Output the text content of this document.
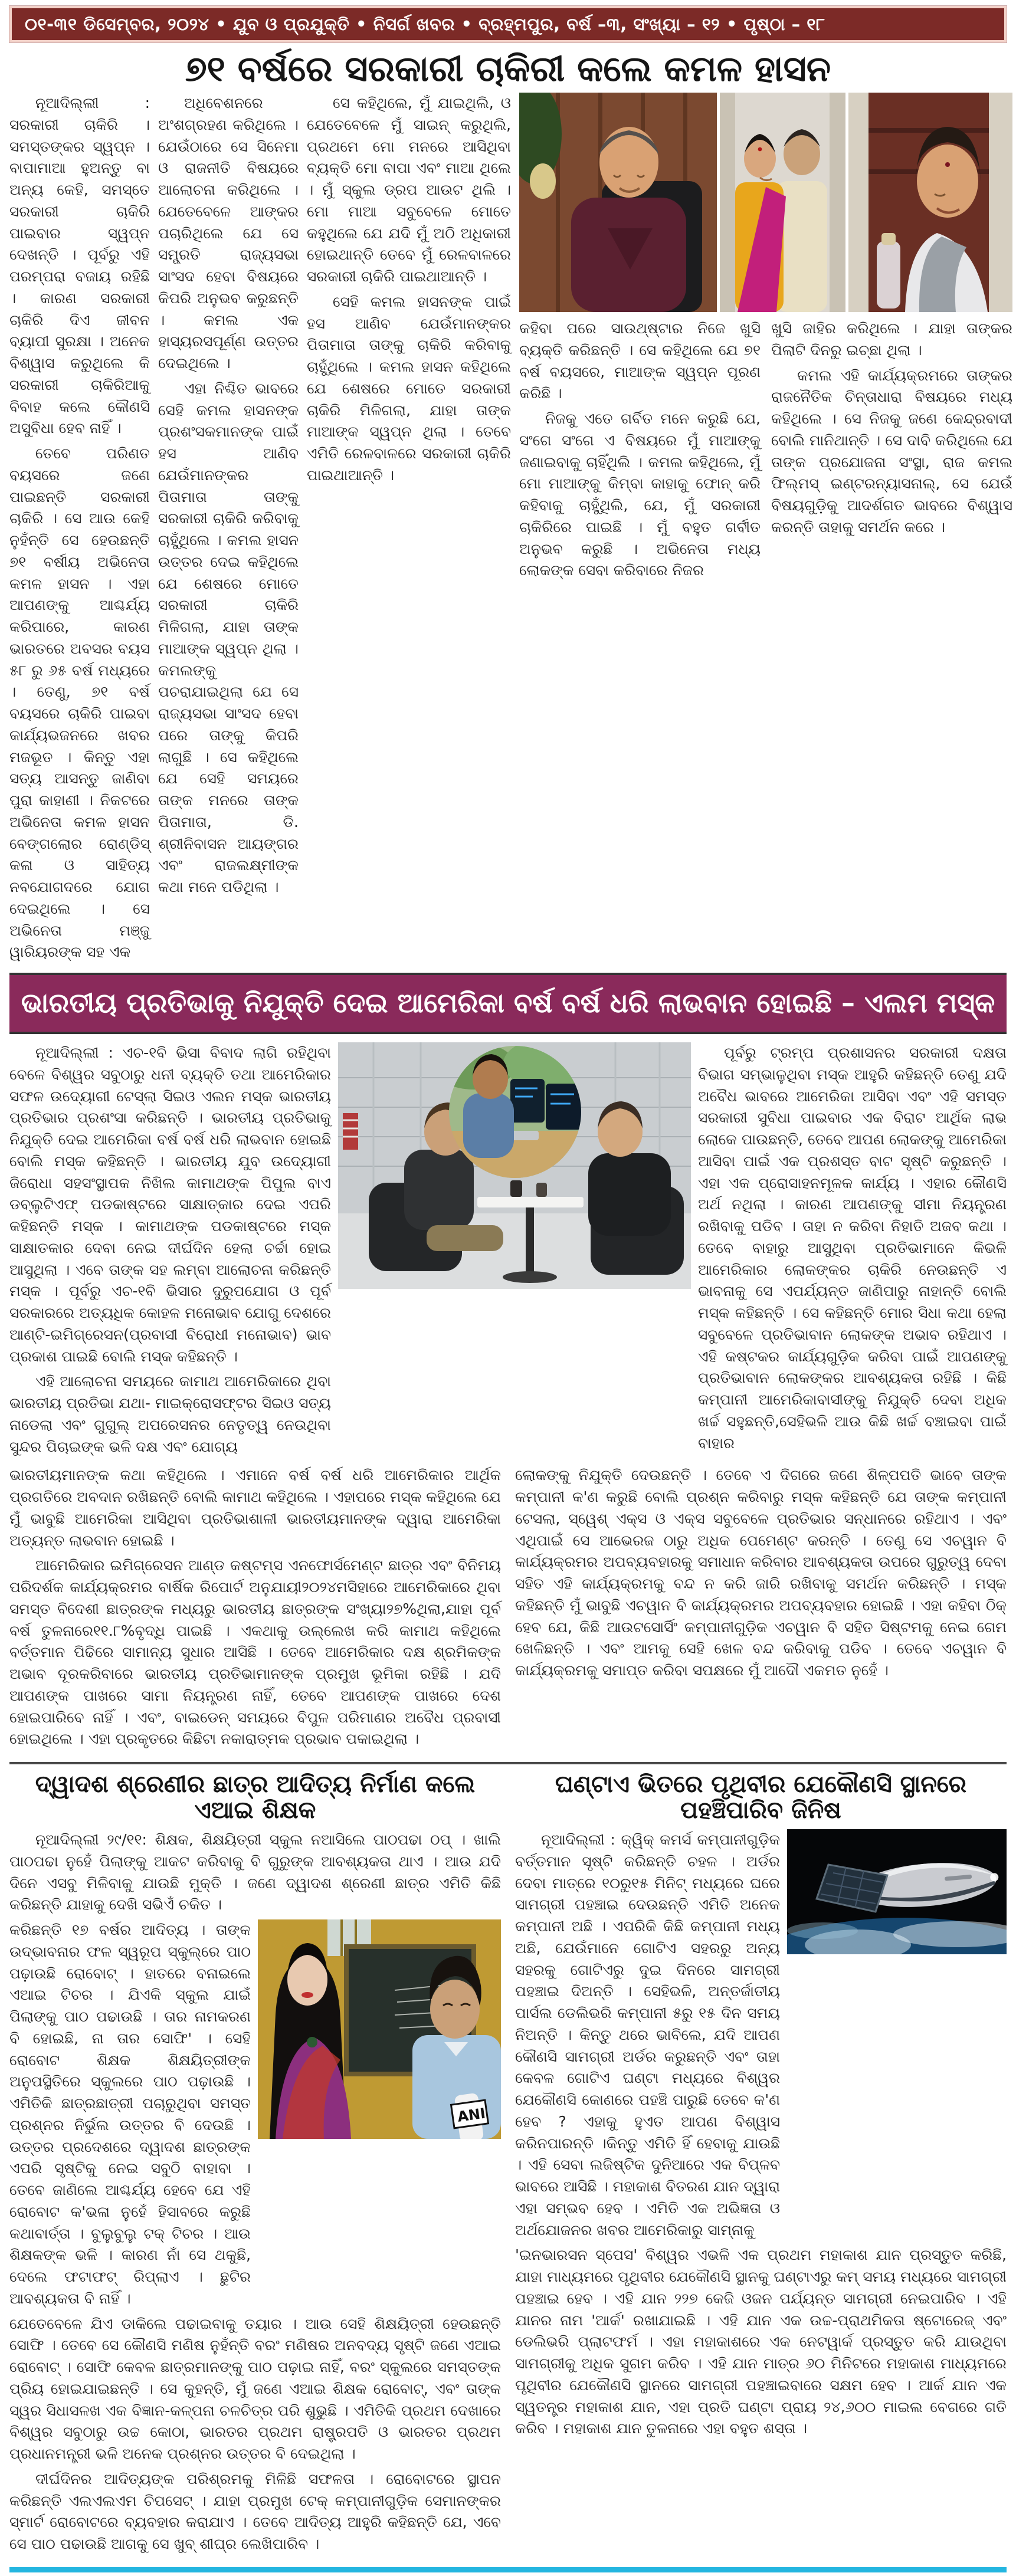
୦୧-୩୧ ଡିସେମ୍ବର, ୨୦୨୪ • ଯୁବ ଓ ପ୍ରଯୁକ୍ତି • ନିସର୍ଗ ଖବର • ବ୍ରହ୍ମପୁର, ବର୍ଷ –୩, ସଂଖ୍ୟା – ୧୨ • ପୃଷ୍ଠା – ୧୮
୭୧ ବର୍ଷରେ ସରକାରୀ ଚାକିରୀ କଲେ କମଳ ହାସନ

ନୂଆଦିଲ୍ଲୀ : ସରକାରୀ ଚାକିରି । ସମସ୍ତଙ୍କର ସ୍ୱପ୍ନ । ବାପାମାଆ ହୁଅନ୍ତୁ ବା ଅନ୍ୟ କେହି, ସମସ୍ତେ ସରକାରୀ ଚାକିରି ପାଇବାର ସ୍ୱପ୍ନ ଦେଖନ୍ତି । ପୂର୍ବରୁ ଏହି ପରମ୍ପରା ବଜାୟ ରହିଛି । କାରଣ ସରକାରୀ ଚାକିରି ଦିଏ ଜୀବନ ବ୍ୟାପୀ ସୁରକ୍ଷା । ଅନେକ ବିଶ୍ୱାସ କରୁଥିଲେ କି ସରକାରୀ ଚାକିରିଆକୁ ବିବାହ କଲେ କୌଣସି ଅସୁବିଧା ହେବ ନାହିଁ ।

ତେବେ ପରିଣତ ବୟସରେ ଜଣେ ପାଇଛନ୍ତି ସରକାରୀ ଚାକିରି । ସେ ଆଉ କେହି ନୁହଁନ୍ତି ସେ ହେଉଛନ୍ତି ୭୧ ବର୍ଷୀୟ ଅଭିନେତା କମଳ ହାସନ । ଏହା ଆପଣଙ୍କୁ ଆଶ୍ଚର୍ଯ୍ୟ କରିପାରେ, କାରଣ ଭାରତରେ ଅବସର ବୟସ ୫୮ ରୁ ୬୫ ବର୍ଷ ମଧ୍ୟରେ । ତେଣୁ, ୭୧ ବର୍ଷ ବୟସରେ ଚାକିରି ପାଇବା କାର୍ଯ୍ୟଭଜନରେ ଖବର ମଜଭୂତ । କିନ୍ତୁ ଏହା ସତ୍ୟ ଆସନ୍ତୁ ଜାଣିବା ପୁରା କାହାଣୀ । ନିକଟରେ ଅଭିନେତା କମଳ ହାସନ ବେଙ୍ଗଲୋର ରୋଣ୍ଡିସ୍ କଳା ଓ ସାହିତ୍ୟ ନବଯୋଗଦରେ ଯୋଗ ଦେଇଥିଲେ । ସେ ଅଭିନେତା ମଞ୍ଜୁ ୱାରିୟରଙ୍କ ସହ ଏକ

ଅଧିବେଶନରେ ଅଂଶଗ୍ରହଣ କରିଥିଲେ । ଯେଉଁଠାରେ ସେ ସିନେମା ଓ ରାଜନୀତି ବିଷୟରେ ଆଲୋଚନା କରିଥିଲେ । ଯେତେବେଳେ ଆଙ୍କର ପଚାରିଥିଲେ ଯେ ସେ ସମ୍ପ୍ରତି ରାଜ୍ୟସଭା ସାଂସଦ ହେବା ବିଷୟରେ କିପରି ଅନୁଭବ କରୁଛନ୍ତି । କମଲ ଏକ ହାସ୍ୟରସପୂର୍ଣ୍ଣ ଉତ୍ତର ଦେଇଥିଲେ ।

ଏହା ନିଶ୍ଚିତ ଭାବରେ ସେହି କମଲ ହାସନଙ୍କ ପ୍ରଶଂସକମାନଙ୍କ ପାଇଁ ହସ ଆଣିବ ଯେଉଁମାନଙ୍କର ପିତାମାତା ତାଙ୍କୁ ସରକାରୀ ଚାକିରି କରିବାକୁ ଚାହୁଁଥିଲେ । କମଲ ହାସନ ଉତ୍ତର ଦେଇ କହିଥିଲେ ଯେ ଶେଷରେ ମୋତେ ସରକାରୀ ଚାକିରି ମିଳିଗଲା, ଯାହା ତାଙ୍କ ମାଆଙ୍କ ସ୍ୱପ୍ନ ଥିଲା । କମଲଙ୍କୁ ପଚରାଯାଇଥିଲା ଯେ ସେ ରାଜ୍ୟସଭା ସାଂସଦ ହେବା ପରେ ତାଙ୍କୁ କିପରି ଲାଗୁଛି । ସେ କହିଥିଲେ ଯେ ସେହି ସମୟରେ ତାଙ୍କ ମନରେ ତାଙ୍କ ପିତାମାତା, ଡି. ଶ୍ରୀନିବାସନ ଆୟଙ୍ଗର ଏବଂ ରାଜଲକ୍ଷ୍ମୀଙ୍କ କଥା ମନେ ପଡିଥିଲା ।

ସେ କହିଥିଲେ, ମୁଁ ଯାଇଥିଲି, ଓ ଯେତେବେଳେ ମୁଁ ସାଇନ୍ କରୁଥିଲି, ପ୍ରଥମେ ମୋ ମନରେ ଆସିଥିବା ବ୍ୟକ୍ତି ମୋ ବାପା ଏବଂ ମାଆ ଥିଲେ । ମୁଁ ସ୍କୁଲ ଡ୍ରପ ଆଉଟ ଥିଲି । ମୋ ମାଆ ସବୁବେଳେ ମୋତେ କହୁଥିଲେ ଯେ ଯଦି ମୁଁ ଅଠି ଅଧିକାରୀ ହୋଇଥାନ୍ତି ତେବେ ମୁଁ ରେଳବାଳରେ ସରକାରୀ ଚାକିରି ପାଇଥାଆନ୍ତି ।

ସେହି କମଲ ହାସନଙ୍କ ପାଇଁ ହସ ଆଣିବ ଯେଉଁମାନଙ୍କର ପିତାମାତା ତାଙ୍କୁ ଚାକିରି କରିବାକୁ ଚାହୁଁଥିଲେ । କମଲ ହାସନ କହିଥିଲେ ଯେ ଶେଷରେ ମୋତେ ସରକାରୀ ଚାକିରି ମିଳିଗଲା, ଯାହା ତାଙ୍କ ମାଆଙ୍କ ସ୍ୱପ୍ନ ଥିଲା । ତେବେ ଏମିତି ରେଳବାଳରେ ସରକାରୀ ଚାକିରି ପାଇଥାଆନ୍ତି ।

କହିବା ପରେ ସାଉଥ୍‌ଷ୍ଟାର ନିଜେ ଖୁସି ବ୍ୟକ୍ତି କରିଛନ୍ତି । ସେ କହିଥିଲେ ଯେ ୭୧ ବର୍ଷ ବୟସରେ, ମାଆଙ୍କ ସ୍ୱପ୍ନ ପୂରଣ କରିଛି ।

ନିଜକୁ ଏତେ ଗର୍ବିତ ମନେ କରୁଛି ଯେ, ସଂଗେ ସଂଗେ ଏ ବିଷୟରେ ମୁଁ ମାଆଙ୍କୁ ଜଣାଇବାକୁ ଚାହିଁଥିଲି । କମଲ କହିଥିଲେ, ମୁଁ ମୋ ମାଆଙ୍କୁ କିମ୍ବା କାହାକୁ ଫୋନ୍ କରି କହିବାକୁ ଚାହୁଁଥିଲି, ଯେ, ମୁଁ ସରକାରୀ ଚାକିରିରେ ପାଇଛି । ମୁଁ ବହୁତ ଗର୍ବୀତ ଅନୁଭବ କରୁଛି । ଅଭିନେତା ମଧ୍ୟ ଲୋକଙ୍କ ସେବା କରିବାରେ ନିଜର

ଖୁସି ଜାହିର କରିଥିଲେ । ଯାହା ତାଙ୍କର ପିଲାଟି ଦିନରୁ ଇଚ୍ଛା ଥିଲା ।

କମଲ ଏହି କାର୍ଯ୍ୟକ୍ରମରେ ତାଙ୍କର ରାଜନୈତିକ ଚିନ୍ତାଧାରା ବିଷୟରେ ମଧ୍ୟ କହିଥିଲେ । ସେ ନିଜକୁ ଜଣେ କେନ୍ଦ୍ରବାଦୀ ବୋଲି ମାନିଥାନ୍ତି । ସେ ଦାବି କରିଥିଲେ ଯେ ତାଙ୍କ ପ୍ରଯୋଜନା ସଂସ୍ଥା, ରାଜ କମଲ ଫିଲ୍ମସ୍ ଇଣ୍ଟରନ୍ୟାସନାଲ୍, ସେ ଯେଉଁ ବିଷୟଗୁଡ଼ିକୁ ଆଦର୍ଶଗତ ଭାବରେ ବିଶ୍ୱାସ କରନ୍ତି ତାହାକୁ ସମର୍ଥନ କରେ ।

ଭାରତୀୟ ପ୍ରତିଭାକୁ ନିଯୁକ୍ତି ଦେଇ ଆମେରିକା ବର୍ଷ ବର୍ଷ ଧରି ଲାଭବାନ ହୋଇଛି – ଏଲମ ମସ୍କ

ନୂଆଦିଲ୍ଲୀ : ଏଚ-୧ବି ଭିସା ବିବାଦ ଲାଗି ରହିଥିବା ବେଳେ ବିଶ୍ୱର ସବୁଠାରୁ ଧନୀ ବ୍ୟକ୍ତି ତଥା ଆମେରିକାର ସଫଳ ଉଦ୍ୟୋଗୀ ଟେସ୍ଲା ସିଇଓ ଏଲନ ମସ୍କ ଭାରତୀୟ ପ୍ରତିଭାର ପ୍ରଶଂସା କରିଛନ୍ତି । ଭାରତୀୟ ପ୍ରତିଭାକୁ ନିଯୁକ୍ତି ଦେଇ ଆମେରିକା ବର୍ଷ ବର୍ଷ ଧରି ଲାଭବାନ ହୋଇଛି ବୋଲି ମସ୍କ କହିଛନ୍ତି । ଭାରତୀୟ ଯୁବ ଉଦ୍ୟୋଗୀ ଜିରୋଧା ସହସଂସ୍ଥାପକ ନିଖିଲ କାମାଥଙ୍କ ପିପୁଲ ବାଏ ଡବ୍ଲୁଟିଏଫ୍ ପଡକାଷ୍ଟରେ ସାକ୍ଷାତ୍କାର ଦେଇ ଏପରି କହିଛନ୍ତି ମସ୍କ । କାମାଥଙ୍କ ପଡକାଷ୍ଟରେ ମସ୍କ ସାକ୍ଷାତକାର ଦେବା ନେଇ ଦୀର୍ଘଦିନ ହେଲା ଚର୍ଚ୍ଚା ହୋଇ ଆସୁଥିଲା । ଏବେ ତାଙ୍କ ସହ ଲମ୍ବା ଆଲୋଚନା କରିଛନ୍ତି ମସ୍କ । ପୂର୍ବରୁ ଏଚ-୧ବି ଭିସାର ଦୁରୁପଯୋଗ ଓ ପୂର୍ବ ସରକାରରେ ଅତ୍ୟଧିକ କୋହଳ ମନୋଭାବ ଯୋଗୁ ଦେଶରେ ଆଣ୍ଟି-ଇମିଗ୍ରେସନ(ପ୍ରବାସୀ ବିରୋଧୀ ମନୋଭାବ) ଭାବ ପ୍ରକାଶ ପାଇଛି ବୋଲି ମସ୍କ କହିଛନ୍ତି ।

ଏହି ଆଲୋଚନା ସମୟରେ କାମାଥ ଆମେରିକାରେ ଥିବା ଭାରତୀୟ ପ୍ରତିଭା ଯଥା- ମାଇକ୍ରୋସଫ୍ଟର ସିଇଓ ସତ୍ୟ ନାଡେଲା ଏବଂ ଗୁଗୁଲ୍ ଅପରେସନର ନେତୃତ୍ୱ ନେଉଥିବା ସୁନ୍ଦର ପିଚାଇଙ୍କ ଭଳି ଦକ୍ଷ ଏବଂ ଯୋଗ୍ୟ

ପୂର୍ବରୁ ଟ୍ରମ୍ପ ପ୍ରଶାସନର ସରକାରୀ ଦକ୍ଷତା ବିଭାଗ ସମ୍ଭାଳୁଥିବା ମସ୍କ ଆହୁରି କହିଛନ୍ତି ତେଣୁ ଯଦି ଅବୈଧ ଭାବରେ ଆମେରିକା ଆସିବା ଏବଂ ଏହି ସମସ୍ତ ସରକାରୀ ସୁବିଧା ପାଇବାର ଏକ ବିରାଟ ଆର୍ଥିକ ଲାଭ ଲୋକେ ପାଉଛନ୍ତି, ତେବେ ଆପଣ ଲୋକଙ୍କୁ ଆମେରିକା ଆସିବା ପାଇଁ ଏକ ପ୍ରଶସ୍ତ ବାଟ ସୃଷ୍ଟି କରୁଛନ୍ତି । ଏହା ଏକ ପ୍ରୋସାହନମୂଳକ କାର୍ଯ୍ୟ । ଏହାର କୌଣସି ଅର୍ଥ ନଥିଲା । କାରଣ ଆପଣଙ୍କୁ ସୀମା ନିୟନ୍ତ୍ରଣ ରଖିବାକୁ ପଡିବ । ତାହା ନ କରିବା ନିହାତି ଅଜବ କଥା । ତେବେ ବାହାରୁ ଆସୁଥିବା ପ୍ରତିଭାମାନେ କିଭଳି ଆମେରିକାର ଲୋକଙ୍କର ଚାକିରି ନେଉଛନ୍ତି ଏ ଭାବନାକୁ ସେ ଏପର୍ଯ୍ୟନ୍ତ ଜାଣିପାରୁ ନାହାନ୍ତି ବୋଲି ମସ୍କ କହିଛନ୍ତି । ସେ କହିଛନ୍ତି ମୋର ସିଧା କଥା ହେଲା ସବୁବେଳେ ପ୍ରତିଭାବାନ ଲୋକଙ୍କ ଅଭାବ ରହିଥାଏ । ଏହି କଷ୍ଟକର କାର୍ଯ୍ୟଗୁଡ଼ିକ କରିବା ପାଇଁ ଆପଣଙ୍କୁ ପ୍ରତିଭାବାନ ଲୋକଙ୍କର ଆବଶ୍ୟକତା ରହିଛି । କିଛି କମ୍ପାନୀ ଆମେରିକାବାସୀଙ୍କୁ ନିଯୁକ୍ତି ଦେବା ଅଧିକ ଖର୍ଚ୍ଚ ସହୁଛନ୍ତି,ସେହିଭଳି ଆଉ କିଛି ଖର୍ଚ୍ଚ ବଞ୍ଚାଇବା ପାଇଁ ବାହାର

ଭାରତୀୟମାନଙ୍କ କଥା କହିଥିଲେ । ଏମାନେ ବର୍ଷ ବର୍ଷ ଧରି ଆମେରିକାର ଆର୍ଥିକ ପ୍ରଗତିରେ ଅବଦାନ ରଖିଛନ୍ତି ବୋଲି କାମାଥ କହିଥିଲେ । ଏହାପରେ ମସ୍କ କହିଥିଲେ ଯେ ମୁଁ ଭାବୁଛି ଆମେରିକା ଆସିଥିବା ପ୍ରତିଭାଶାଳୀ ଭାରତୀୟମାନଙ୍କ ଦ୍ୱାରା ଆମେରିକା ଅତ୍ୟନ୍ତ ଲାଭବାନ ହୋଇଛି ।

ଆମେରିକାର ଇମିଗ୍ରେସନ ଆଣ୍ଡ କଷ୍ଟମ୍ସ ଏନଫୋର୍ସମେଣ୍ଟ ଛାତ୍ର ଏବଂ ବିନିମୟ ପରିଦର୍ଶକ କାର୍ଯ୍ୟକ୍ରମର ବାର୍ଷିକ ରିପୋର୍ଟ ଅନୁଯାୟୀ୨୦୨୪ମସିହାରେ ଆମେରିକାରେ ଥିବା ସମସ୍ତ ବିଦେଶୀ ଛାତ୍ରଙ୍କ ମଧ୍ୟରୁ ଭାରତୀୟ ଛାତ୍ରଙ୍କ ସଂଖ୍ୟା୨୭%ଥିଲା,ଯାହା ପୂର୍ବ ବର୍ଷ ତୁଳନାରେ୧୧.୮%ବୃଦ୍ଧି ପାଇଛି । ଏକଥାକୁ ଉଲ୍ଲେଖ କରି କାମାଥ କହିଥିଲେ ବର୍ତ୍ତମାନ ପିଢିରେ ସାମାନ୍ୟ ସୁଧାର ଆସିଛି । ତେବେ ଆମେରିକାର ଦକ୍ଷ ଶ୍ରମିକଙ୍କ ଅଭାବ ଦୂରକରିବାରେ ଭାରତୀୟ ପ୍ରତିଭାମାନଙ୍କ ପ୍ରମୁଖ ଭୂମିକା ରହିଛି । ଯଦି ଆପଣଙ୍କ ପାଖରେ ସାମା ନିୟନ୍ତ୍ରଣ ନାହିଁ, ତେବେ ଆପଣଙ୍କ ପାଖରେ ଦେଶ ହୋଇପାରିବେ ନାହିଁ । ଏବଂ, ବାଇଡେନ୍ ସମୟରେ ବିପୁଳ ପରିମାଣର ଅବୈଧ ପ୍ରବାସୀ ହୋଇଥିଲେ । ଏହା ପ୍ରକୃତରେ କିଛିଟା ନକାରାତ୍ମକ ପ୍ରଭାବ ପକାଇଥିଲା ।

ଲୋକଙ୍କୁ ନିଯୁକ୍ତି ଦେଉଛନ୍ତି । ତେବେ ଏ ଦିଗରେ ଜଣେ ଶିଳ୍ପପତି ଭାବେ ତାଙ୍କ କମ୍ପାନୀ କ'ଣ କରୁଛି ବୋଲି ପ୍ରଶ୍ନ କରିବାରୁ ମସ୍କ କହିଛନ୍ତି ଯେ ତାଙ୍କ କମ୍ପାନୀ ଟେସଲା, ସ୍ୱେଶ୍ ଏକ୍ସ ଓ ଏକ୍ସ ସବୁବେଳେ ପ୍ରତିଭାର ସନ୍ଧାନରେ ରହିଥାଏ । ଏବଂ ଏଥିପାଇଁ ସେ ଆଭେରଜ ଠାରୁ ଅଧିକ ପେମେଣ୍ଟ କରନ୍ତି । ତେଣୁ ସେ ଏଚୱାନ ବି କାର୍ଯ୍ୟକ୍ରମର ଅପବ୍ୟବହାରକୁ ସମାଧାନ କରିବାର ଆବଶ୍ୟକତା ଉପରେ ଗୁରୁତ୍ୱ ଦେବା ସହିତ ଏହି କାର୍ଯ୍ୟକ୍ରମକୁ ବନ୍ଦ ନ କରି ଜାରି ରଖିବାକୁ ସମର୍ଥନ କରିଛନ୍ତି । ମସ୍କ କହିଛନ୍ତି ମୁଁ ଭାବୁଛି ଏଚୱାନ ବି କାର୍ଯ୍ୟକ୍ରମର ଅପବ୍ୟବହାର ହୋଇଛି । ଏହା କହିବା ଠିକ୍ ହେବ ଯେ, କିଛି ଆଉଟସୋର୍ସିଂ କମ୍ପାନୀଗୁଡ଼ିକ ଏଚୱାନ ବି ସହିତ ସିଷ୍ଟମକୁ ନେଇ ଗେମ ଖେଳିଛନ୍ତି । ଏବଂ ଆମକୁ ସେହି ଖେଳ ବନ୍ଦ କରିବାକୁ ପଡିବ । ତେବେ ଏଚୱାନ ବି କାର୍ଯ୍ୟକ୍ରମକୁ ସମାପ୍ତ କରିବା ସପକ୍ଷରେ ମୁଁ ଆଦୌ ଏକମତ ନୁହେଁ ।

ଦ୍ୱାଦଶ ଶ୍ରେଣୀର ଛାତ୍ର ଆଦିତ୍ୟ ନିର୍ମାଣ କଲେ ଏଆଇ ଶିକ୍ଷକ

ନୂଆଦିଲ୍ଲୀ ୨୯/୧୧: ଶିକ୍ଷକ, ଶିକ୍ଷୟିତ୍ରୀ ସ୍କୁଲ ନଆସିଲେ ପାଠପଢା ଠପ୍ । ଖାଲି ପାଠପଢା ନୁହେଁ ପିଲାଙ୍କୁ ଆକଟ କରିବାକୁ ବି ଗୁରୁଙ୍କ ଆବଶ୍ୟକତା ଥାଏ । ଆଉ ଯଦି ଦିନେ ଏସବୁ ମିଳିବାକୁ ଯାଉଛି ମୁକ୍ତି । ଜଣେ ଦ୍ୱାଦଶ ଶ୍ରେଣୀ ଛାତ୍ର ଏମିତି କିଛି କରିଛନ୍ତି ଯାହାକୁ ଦେଖି ସଭିଏଁ ଚକିତ ।

କରିଛନ୍ତି ୧୭ ବର୍ଷର ଆଦିତ୍ୟ । ତାଙ୍କ ଉଦ୍ଭାବନାର ଫଳ ସ୍ୱରୂପ ସ୍କୁଲ୍‌ରେ ପାଠ ପଢ଼ାଉଛି ରୋବୋଟ୍ । ହାତରେ ବନାଇଲେ ଏଆଇ ଟିଚର । ଯିଏକି ସ୍କୁଲ ଯାଇଁ ପିଲାଙ୍କୁ ପାଠ ପଢାଉଛି । ତାର ନାମକରଣ ବି ହୋଇଛି, ନା ତାର ସୋଫି' । ସେହି ରୋବୋଟ ଶିକ୍ଷକ ଶିକ୍ଷୟିତ୍ରୀଙ୍କ ଅନୁପସ୍ଥିତିରେ ସ୍କୁଲରେ ପାଠ ପଢ଼ାଉଛି । ଏମିତିକି ଛାତ୍ରଛାତ୍ରୀ ପଚାରୁଥିବା ସମସ୍ତ ପ୍ରଶ୍ନର ନିର୍ଭୁଲ ଉତ୍ତର ବି ଦେଉଛି । ଉତ୍ତର ପ୍ରଦେଶରେ ଦ୍ୱାଦଶ ଛାତ୍ରଙ୍କ ଏପରି ସୃଷ୍ଟିକୁ ନେଇ ସବୁଠି ବାହାବା । ତେବେ ଜାଣିଲେ ଆଶ୍ଚର୍ଯ୍ୟ ହେବେ ଯେ ଏହି ରୋବୋଟ କ'ଭଳା ନୁହେଁ ହିସାବରେ କରୁଛି କଥାବାର୍ତ୍ତା । ବୁଲୁବୁଲୁ ଟକ୍ ଟିଚର । ଆଉ ଶିକ୍ଷକଙ୍କ ଭଳି । କାରଣ ନାଁ ସେ ଥକୁଛି, ଦେଲେ ଫଟାଫଟ୍ ରିପ୍ଲାଏ । ଛୁଟିର ଆବଶ୍ୟକତା ବି ନାହିଁ ।

ANI

ଯେତେବେଳେ ଯିଏ ଡାକିଲେ ପଢାଇବାକୁ ତୟାର । ଆଉ ସେହି ଶିକ୍ଷୟିତ୍ରୀ ହେଉଛନ୍ତି ସୋଫି । ତେବେ ସେ କୌଣସି ମଣିଷ ନୁହଁନ୍ତି ବରଂ ମଣିଷର ଅନବଦ୍ୟ ସୃଷ୍ଟି ଜଣେ ଏଆଇ ରୋବୋଟ୍ । ସୋଫି କେବଳ ଛାତ୍ରମାନଙ୍କୁ ପାଠ ପଢ଼ାଇ ନାହିଁ, ବରଂ ସ୍କୁଲରେ ସମସ୍ତଙ୍କ ପ୍ରିୟ ହୋଇଯାଇଛନ୍ତି । ସେ କୁହନ୍ତି, ମୁଁ ଜଣେ ଏଆଇ ଶିକ୍ଷକ ରୋବୋଟ୍, ଏବଂ ତାଙ୍କ ସ୍ୱର ସିଧାସଳଖ ଏକ ବିଜ୍ଞାନ-କଳ୍ପନା ଚଳଚିତ୍ର ପରି ଶୁଭୁଛି । ଏମିତିକି ପ୍ରଥମ ଦେଖାରେ ବିଶ୍ୱର ସବୁଠାରୁ ଉଚ୍ଚ କୋଠା, ଭାରତର ପ୍ରଥମ ରାଷ୍ଟ୍ରପତି ଓ ଭାରତର ପ୍ରଥମ ପ୍ରଧାନମନ୍ତ୍ରୀ ଭଳି ଅନେକ ପ୍ରଶ୍ନର ଉତ୍ତର ବି ଦେଇଥିଲା ।

ଦୀର୍ଘଦିନର ଆଦିତ୍ୟଙ୍କ ପରିଶ୍ରମକୁ ମିଳିଛି ସଫଳତା । ରୋବୋଟରେ ସ୍ଥାପନ କରିଛନ୍ତି ଏଲଏଲଏମ ଚିପସେଟ୍ । ଯାହା ପ୍ରମୁଖ ଟେକ୍ କମ୍ପାନୀଗୁଡ଼ିକ ସେମାନଙ୍କର ସ୍ମାର୍ଟ ରୋବୋଟରେ ବ୍ୟବହାର କରାଯାଏ । ତେବେ ଆଦିତ୍ୟ ଆହୁରି କହିଛନ୍ତି ଯେ, ଏବେ ସେ ପାଠ ପଢାଉଛି ଆଗକୁ ସେ ଖୁବ୍ ଶୀଘ୍ର ଲେଖିପାରିବ ।

ଘଣ୍ଟାଏ ଭିତରେ ପୃଥିବୀର ଯେକୌଣସି ସ୍ଥାନରେ ପହଞ୍ଚିପାରିବ ଜିନିଷ

ନୂଆଦିଲ୍ଲୀ : କ୍ୱିକ୍ କମର୍ସ କମ୍ପାନୀଗୁଡ଼ିକ ବର୍ତ୍ତମାନ ସୃଷ୍ଟି କରିଛନ୍ତି ଚହଳ । ଅର୍ଡର ଦେବା ମାତ୍ରେ ୧୦ରୁ୧୫ ମିନିଟ୍ ମଧ୍ୟରେ ଘରେ ସାମଗ୍ରୀ ପହଞ୍ଚାଇ ଦେଉଛନ୍ତି ଏମିତି ଅନେକ କମ୍ପାନୀ ଅଛି । ଏପରିକି କିଛି କମ୍ପାନୀ ମଧ୍ୟ ଅଛି, ଯେଉଁମାନେ ଗୋଟିଏ ସହରରୁ ଅନ୍ୟ ସହରକୁ ଗୋଟିଏରୁ ଦୁଇ ଦିନରେ ସାମଗ୍ରୀ ପହଞ୍ଚାଇ ଦିଅନ୍ତି । ସେହିଭଳି, ଅନ୍ତର୍ଜାତୀୟ ପାର୍ସଲ ଡେଲିଭରି କମ୍ପାନୀ ୫ରୁ ୧୫ ଦିନ ସମୟ ନିଅନ୍ତି । କିନ୍ତୁ ଥରେ ଭାବିଲେ, ଯଦି ଆପଣ କୌଣସି ସାମଗ୍ରୀ ଅର୍ଡର କରୁଛନ୍ତି ଏବଂ ତାହା କେବଳ ଗୋଟିଏ ଘଣ୍ଟା ମଧ୍ୟରେ ବିଶ୍ୱର ଯେକୌଣସି କୋଣରେ ପହଞ୍ଚି ପାରୁଛି ତେବେ କ'ଣ ହେବ ? ଏହାକୁ ହୁଏତ ଆପଣ ବିଶ୍ୱାସ କରିନପାରନ୍ତି ।କିନ୍ତୁ ଏମିତି ହିଁ ହେବାକୁ ଯାଉଛି । ଏହି ସେବା ଲଜିଷ୍ଟିକ ଦୁନିଆରେ ଏକ ବିପ୍ଳବ ଭାବରେ ଆସିଛି । ମହାକାଶ ବିତରଣ ଯାନ ଦ୍ୱାରା ଏହା ସମ୍ଭବ ହେବ । ଏମିତି ଏକ ଅଭିଜ୍ଞତା ଓ ଅର୍ଥଯୋଜନର ଖବର ଆମେରିକାରୁ ସାମ୍ନାକୁ

'ଇନଭାରସନ ସ୍ପେସ' ବିଶ୍ୱର ଏଭଳି ଏକ ପ୍ରଥମ ମହାକାଶ ଯାନ ପ୍ରସ୍ତୁତ କରିଛି, ଯାହା ମାଧ୍ୟମରେ ପୃଥିବୀର ଯେକୌଣସି ସ୍ଥାନକୁ ଘଣ୍ଟାଏରୁ କମ୍ ସମୟ ମଧ୍ୟରେ ସାମଗ୍ରୀ ପହଞ୍ଚାଇ ହେବ । ଏହି ଯାନ ୨୨୭ କେଜି ଓଜନ ପର୍ଯ୍ୟନ୍ତ ସାମଗ୍ରୀ ନେଇପାରିବ । ଏହି ଯାନର ନାମ 'ଆର୍କ' ରଖାଯାଇଛି । ଏହି ଯାନ ଏକ ଉଚ୍ଚ-ପ୍ରାଥମିକତା ଷ୍ଟୋରେଜ୍ ଏବଂ ଡେଲିଭରି ପ୍ଲାଟଫର୍ମ । ଏହା ମହାକାଶରେ ଏକ ନେଟୱାର୍କ ପ୍ରସ୍ତୁତ କରି ଯାଉଥିବା ସାମଗ୍ରୀକୁ ଅଧିକ ସୁଗମ କରିବ । ଏହି ଯାନ ମାତ୍ର ୬୦ ମିନିଟରେ ମହାକାଶ ମାଧ୍ୟମରେ ପୃଥିବୀର ଯେକୌଣସି ସ୍ଥାନରେ ସାମଗ୍ରୀ ପହଞ୍ଚାଇବାରେ ସକ୍ଷମ ହେବ । ଆର୍କ ଯାନ ଏକ ସ୍ୱତନ୍ତ୍ର ମହାକାଶ ଯାନ, ଏହା ପ୍ରତି ଘଣ୍ଟା ପ୍ରାୟ ୨୪,୬୦୦ ମାଇଲ ବେଗରେ ଗତି କରିବ । ମହାକାଶ ଯାନ ତୁଳନାରେ ଏହା ବହୁତ ଶସ୍ତା ।
